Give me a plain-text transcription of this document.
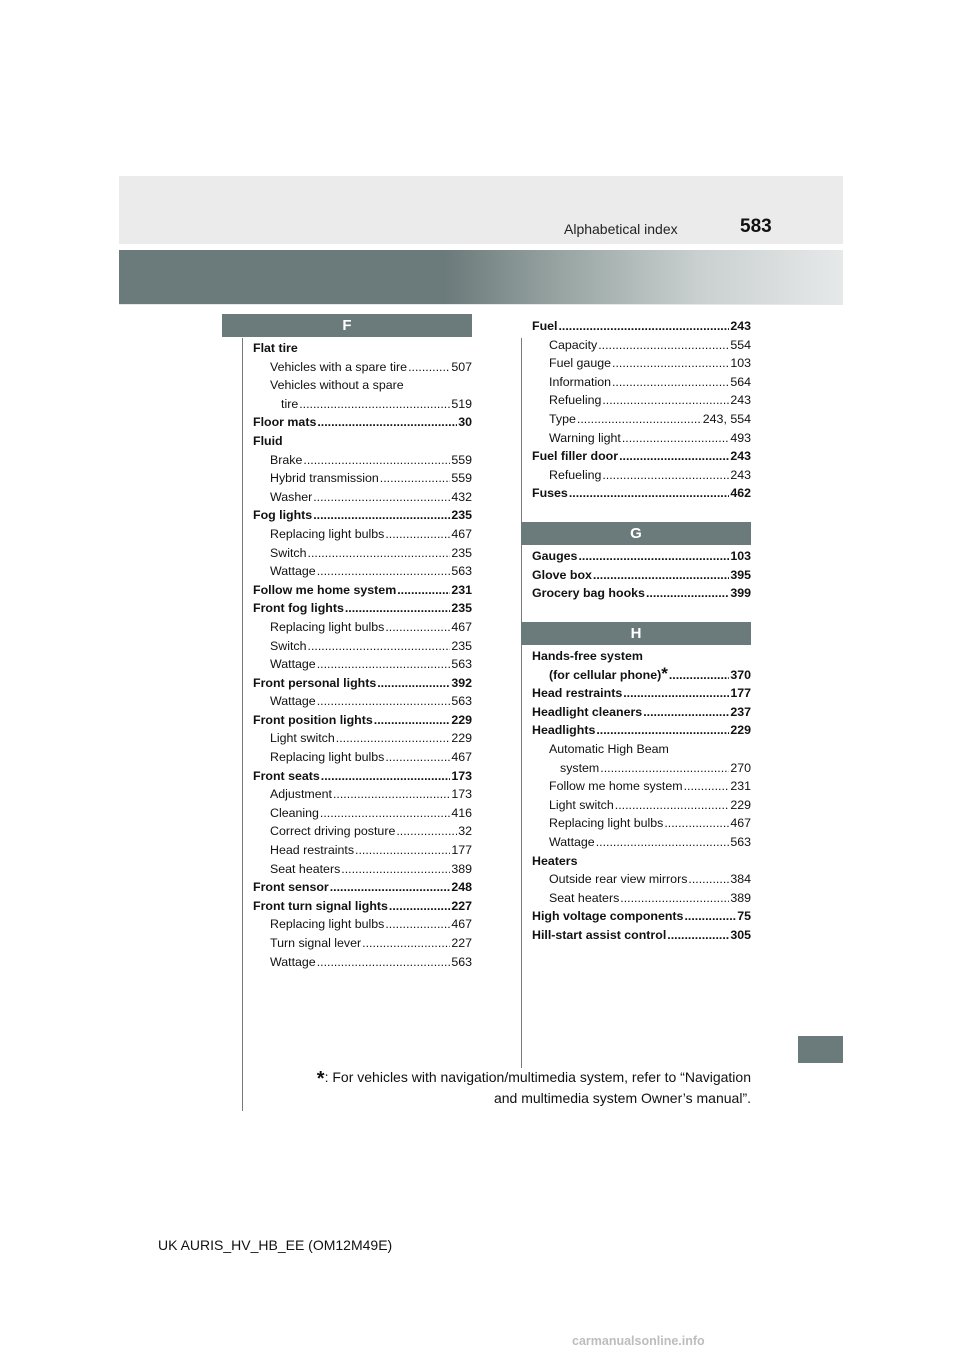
583
Alphabetical index
F
G
H
Flat tire
Vehicles with a spare tire .....	507
Vehicles without a spare
tire .....	519
Floor mats .....	30
Fluid
Brake .....	559
Hybrid transmission .....	559
Washer .....	432
Fog lights .....	235
Replacing light bulbs .....	467
Switch .....	235
Wattage .....	563
Follow me home system .....	231
Front fog lights .....	235
Replacing light bulbs .....	467
Switch .....	235
Wattage .....	563
Front personal lights .....	392
Wattage .....	563
Front position lights .....	229
Light switch .....	229
Replacing light bulbs .....	467
Front seats .....	173
Adjustment .....	173
Cleaning .....	416
Correct driving posture .....	32
Head restraints .....	177
Seat heaters .....	389
Front sensor .....	248
Front turn signal lights .....	227
Replacing light bulbs .....	467
Turn signal lever .....	227
Wattage .....	563
Fuel .....	243
Capacity .....	554
Fuel gauge .....	103
Information .....	564
Refueling .....	243
Type .....	243, 554
Warning light .....	493
Fuel filler door .....	243
Refueling .....	243
Fuses .....	462
Gauges .....	103
Glove box .....	395
Grocery bag hooks .....	399
Hands-free system
(for cellular phone) * .....	370
Head restraints .....	177
Headlight cleaners .....	237
Headlights .....	229
Automatic High Beam
system .....	270
Follow me home system .....	231
Light switch .....	229
Replacing light bulbs .....	467
Wattage .....	563
Heaters
Outside rear view mirrors .....	384
Seat heaters .....	389
High voltage components .....	75
Hill-start assist control .....	305
*: For vehicles with navigation/multimedia system, refer to “Navigation
and multimedia system Owner’s manual”.
UK AURIS_HV_HB_EE (OM12M49E)
carmanualsonline.info
